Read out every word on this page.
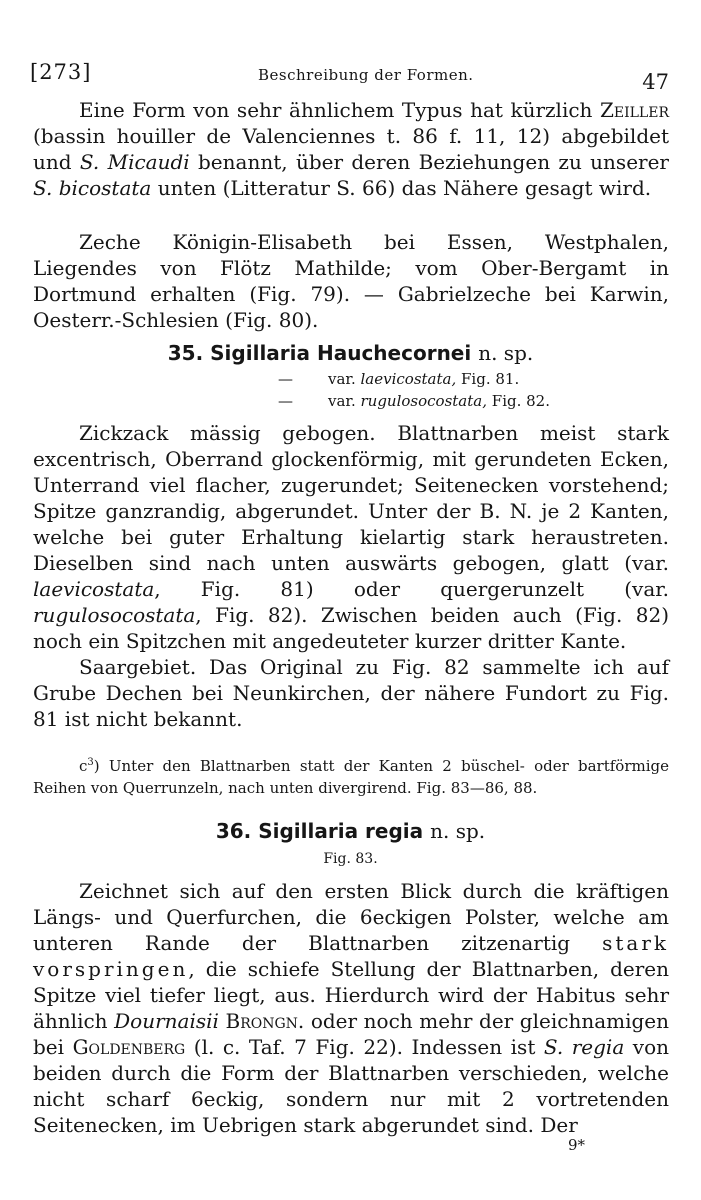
[273]	Beschreibung der Formen.	47

Eine Form von sehr ähnlichem Typus hat kürzlich Zeiller (bassin houiller de Valenciennes t. 86 f. 11, 12) abgebildet und S. Micaudi benannt, über deren Beziehungen zu unserer S. bicostata unten (Litteratur S. 66) das Nähere gesagt wird.

Zeche Königin-Elisabeth bei Essen, Westphalen, Liegendes von Flötz Mathilde; vom Ober-Bergamt in Dortmund erhalten (Fig. 79). — Gabrielzeche bei Karwin, Oesterr.-Schlesien (Fig. 80).

35. Sigillaria Hauchecornei n. sp.
— var. laevicostata, Fig. 81.
— var. rugulosocostata, Fig. 82.

Zickzack mässig gebogen. Blattnarben meist stark excentrisch, Oberrand glockenförmig, mit gerundeten Ecken, Unterrand viel flacher, zugerundet; Seitenecken vorstehend; Spitze ganzrandig, abgerundet. Unter der B. N. je 2 Kanten, welche bei guter Erhaltung kielartig stark heraustreten. Dieselben sind nach unten auswärts gebogen, glatt (var. laevicostata, Fig. 81) oder quergerunzelt (var. rugulosocostata, Fig. 82). Zwischen beiden auch (Fig. 82) noch ein Spitzchen mit angedeuteter kurzer dritter Kante.

Saargebiet. Das Original zu Fig. 82 sammelte ich auf Grube Dechen bei Neunkirchen, der nähere Fundort zu Fig. 81 ist nicht bekannt.

$c^3$) Unter den Blattnarben statt der Kanten 2 büschel- oder bartförmige Reihen von Querrunzeln, nach unten divergirend. Fig. 83—86, 88.

36. Sigillaria regia n. sp.
Fig. 83.

Zeichnet sich auf den ersten Blick durch die kräftigen Längs- und Querfurchen, die 6eckigen Polster, welche am unteren Rande der Blattnarben zitzenartig stark vorspringen, die schiefe Stellung der Blattnarben, deren Spitze viel tiefer liegt, aus. Hierdurch wird der Habitus sehr ähnlich Dournaisii Brongn. oder noch mehr der gleichnamigen bei Goldenberg (l. c. Taf. 7 Fig. 22). Indessen ist S. regia von beiden durch die Form der Blattnarben verschieden, welche nicht scharf 6eckig, sondern nur mit 2 vortretenden Seitenecken, im Uebrigen stark abgerundet sind. Der

9*
